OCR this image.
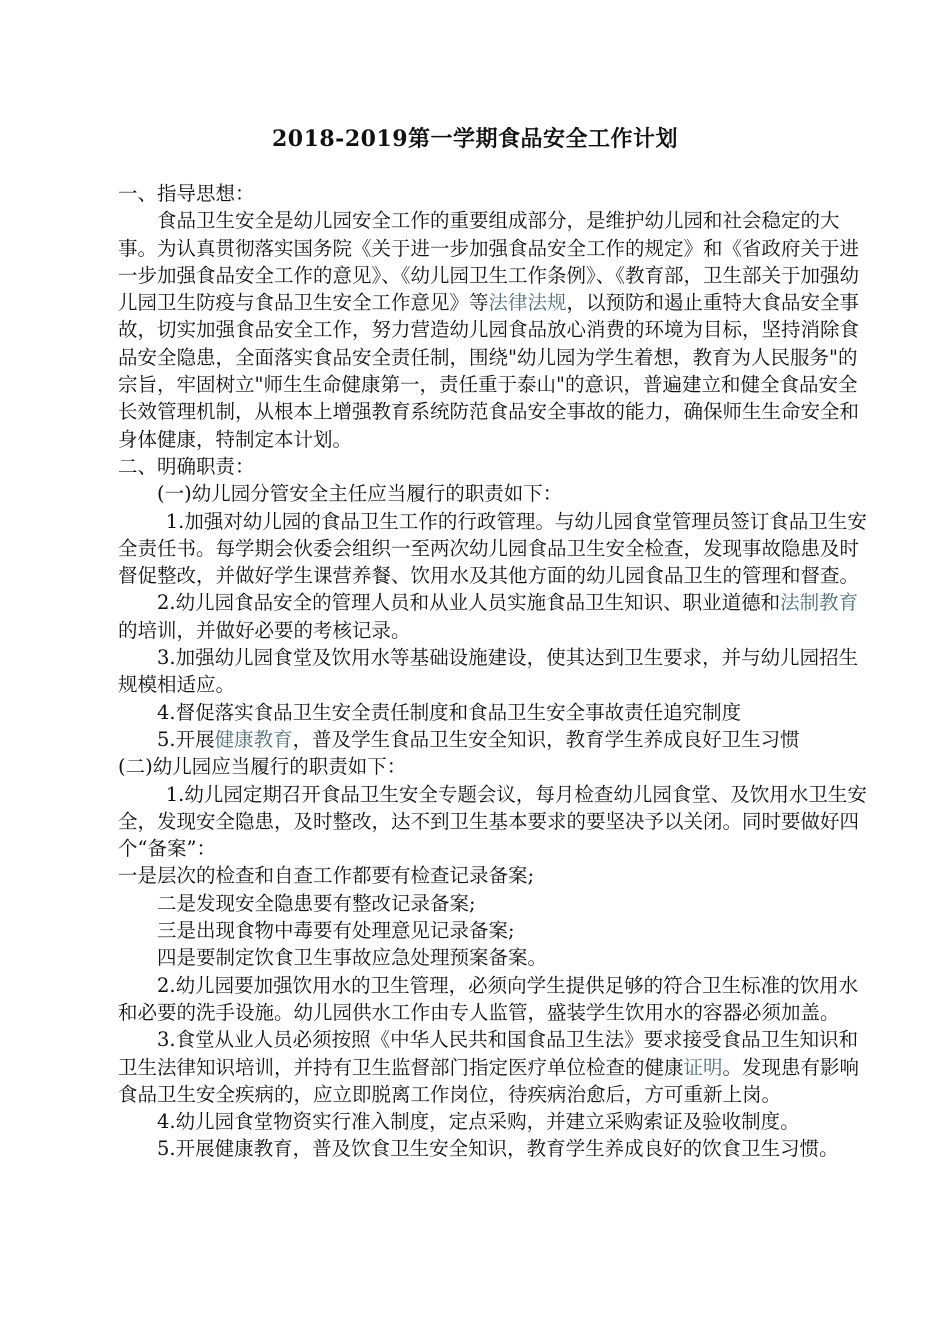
2018-2019第一学期食品安全工作计划

一、指导思想：

食品卫生安全是幼儿园安全工作的重要组成部分，是维护幼儿园和社会稳定的大事。为认真贯彻落实国务院《关于进一步加强食品安全工作的规定》和《省政府关于进一步加强食品安全工作的意见》、《幼儿园卫生工作条例》、《教育部，卫生部关于加强幼儿园卫生防疫与食品卫生安全工作意见》等法律法规，以预防和遏止重特大食品安全事故，切实加强食品安全工作，努力营造幼儿园食品放心消费的环境为目标，坚持消除食品安全隐患，全面落实食品安全责任制，围绕"幼儿园为学生着想，教育为人民服务"的宗旨，牢固树立"师生生命健康第一，责任重于泰山"的意识，普遍建立和健全食品安全长效管理机制，从根本上增强教育系统防范食品安全事故的能力，确保师生生命安全和身体健康，特制定本计划。

二、明确职责：

(一)幼儿园分管安全主任应当履行的职责如下：

1.加强对幼儿园的食品卫生工作的行政管理。与幼儿园食堂管理员签订食品卫生安全责任书。每学期会伙委会组织一至两次幼儿园食品卫生安全检查，发现事故隐患及时督促整改，并做好学生课营养餐、饮用水及其他方面的幼儿园食品卫生的管理和督查。

2.幼儿园食品安全的管理人员和从业人员实施食品卫生知识、职业道德和法制教育的培训，并做好必要的考核记录。

3.加强幼儿园食堂及饮用水等基础设施建设，使其达到卫生要求，并与幼儿园招生规模相适应。

4.督促落实食品卫生安全责任制度和食品卫生安全事故责任追究制度

5.开展健康教育，普及学生食品卫生安全知识，教育学生养成良好卫生习惯

(二)幼儿园应当履行的职责如下：

1.幼儿园定期召开食品卫生安全专题会议，每月检查幼儿园食堂、及饮用水卫生安全，发现安全隐患，及时整改，达不到卫生基本要求的要坚决予以关闭。同时要做好四个“备案”：

一是层次的检查和自查工作都要有检查记录备案;

二是发现安全隐患要有整改记录备案;

三是出现食物中毒要有处理意见记录备案;

四是要制定饮食卫生事故应急处理预案备案。

2.幼儿园要加强饮用水的卫生管理，必须向学生提供足够的符合卫生标准的饮用水和必要的洗手设施。幼儿园供水工作由专人监管，盛装学生饮用水的容器必须加盖。

3.食堂从业人员必须按照《中华人民共和国食品卫生法》要求接受食品卫生知识和卫生法律知识培训，并持有卫生监督部门指定医疗单位检查的健康证明。发现患有影响食品卫生安全疾病的，应立即脱离工作岗位，待疾病治愈后，方可重新上岗。

4.幼儿园食堂物资实行准入制度，定点采购，并建立采购索证及验收制度。

5.开展健康教育，普及饮食卫生安全知识，教育学生养成良好的饮食卫生习惯。
